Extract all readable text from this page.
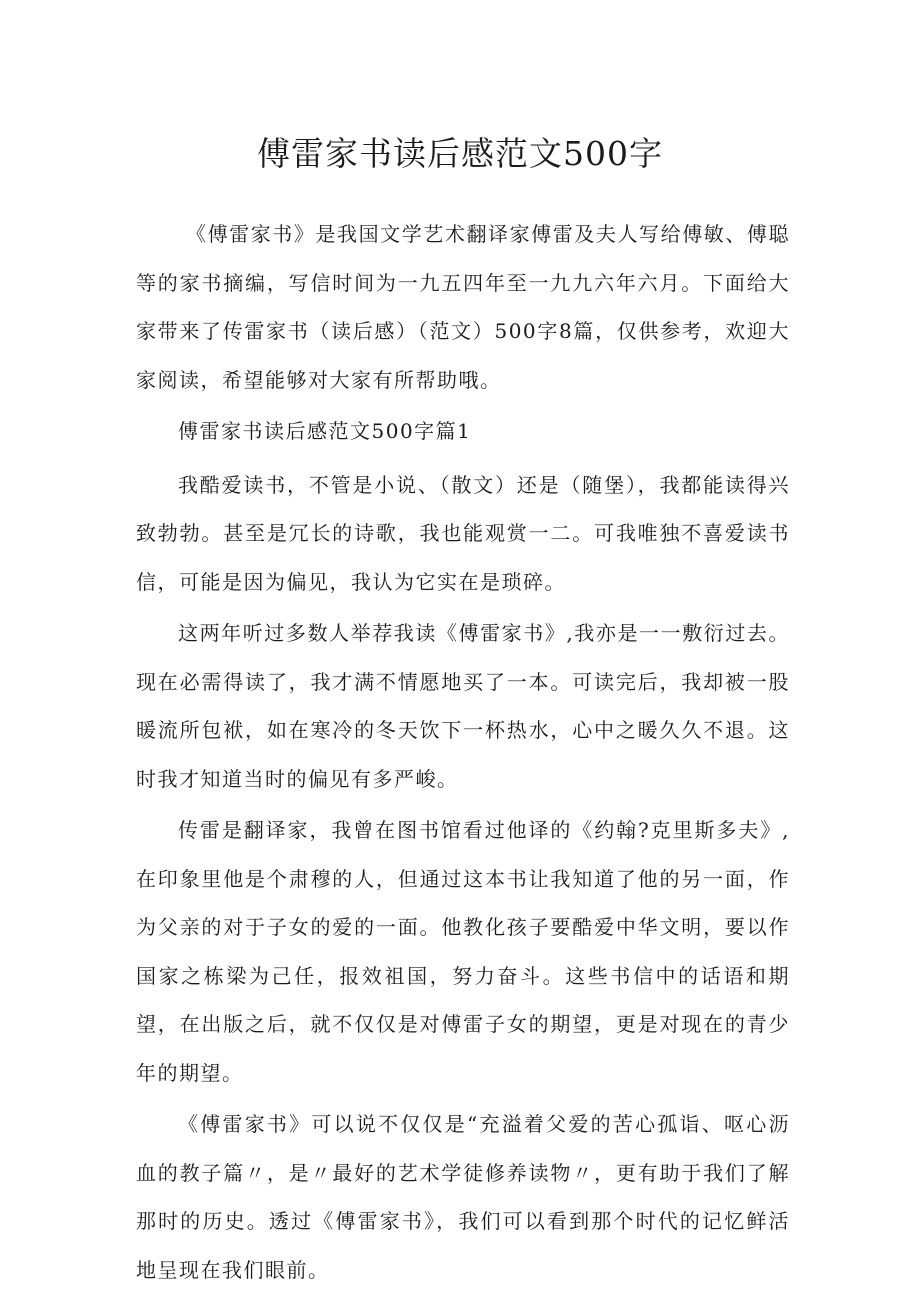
傅雷家书读后感范文500字

《傅雷家书》是我国文学艺术翻译家傅雷及夫人写给傅敏、傅聪等的家书摘编，写信时间为一九五四年至一九九六年六月。下面给大家带来了传雷家书（读后感）（范文）500字8篇，仅供参考，欢迎大家阅读，希望能够对大家有所帮助哦。

傅雷家书读后感范文500字篇1

我酷爱读书，不管是小说、（散文）还是（随堡），我都能读得兴致勃勃。甚至是冗长的诗歌，我也能观赏一二。可我唯独不喜爱读书信，可能是因为偏见，我认为它实在是琐碎。

这两年听过多数人举荐我读《傅雷家书》,我亦是一一敷衍过去。现在必需得读了，我才满不情愿地买了一本。可读完后，我却被一股暖流所包袱，如在寒冷的冬天饮下一杯热水，心中之暖久久不退。这时我才知道当时的偏见有多严峻。

传雷是翻译家，我曾在图书馆看过他译的《约翰?克里斯多夫》,在印象里他是个肃穆的人，但通过这本书让我知道了他的另一面，作为父亲的对于子女的爱的一面。他教化孩子要酷爱中华文明，要以作国家之栋梁为己任，报效祖国，努力奋斗。这些书信中的话语和期望，在出版之后，就不仅仅是对傅雷子女的期望，更是对现在的青少年的期望。

《傅雷家书》可以说不仅仅是“充溢着父爱的苦心孤诣、呕心沥血的教子篇〃，是〃最好的艺术学徒修养读物〃，更有助于我们了解那时的历史。透过《傅雷家书》，我们可以看到那个时代的记忆鲜活地呈现在我们眼前。
